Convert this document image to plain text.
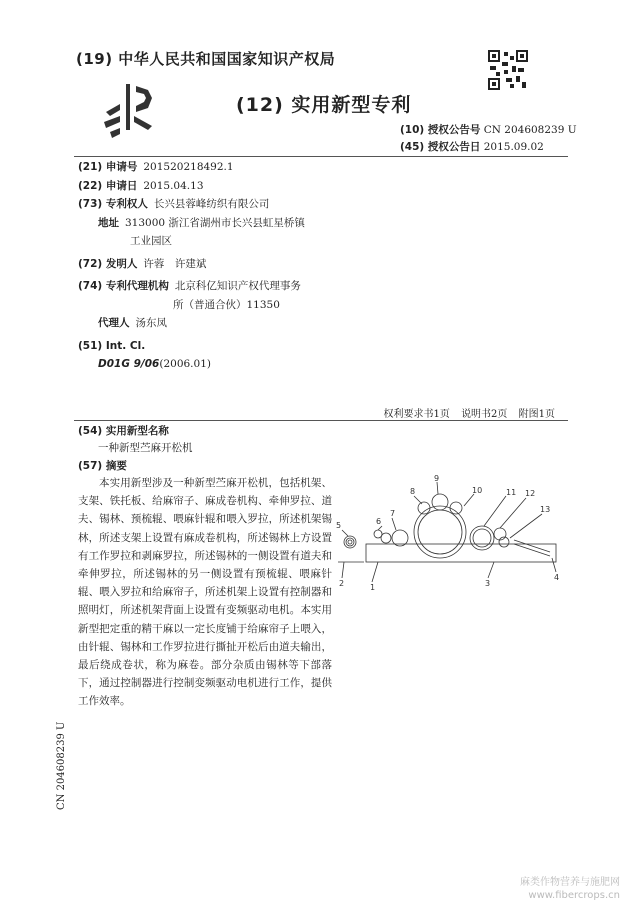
(19) 中华人民共和国国家知识产权局
(12) 实用新型专利
(10) 授权公告号 CN 204608239 U
(45) 授权公告日 2015.09.02
(21) 申请号 201520218492.1
(22) 申请日 2015.04.13
(73) 专利权人 长兴县蓉峰纺织有限公司
地址 313000 浙江省湖州市长兴县虹星桥镇
工业园区
(72) 发明人 许蓉　许建斌
(74) 专利代理机构 北京科亿知识产权代理事务
所（普通合伙）11350
代理人 汤东凤
(51) Int. Cl.
D01G 9/06 (2006.01)
权利要求书1页 说明书2页 附图1页
(54) 实用新型名称
一种新型苎麻开松机
(57) 摘要
本实用新型涉及一种新型苎麻开松机，包括机架、支架、铁托板、给麻帘子、麻成卷机构、牵伸罗拉、道夫、锡林、预梳辊、喂麻针辊和喂入罗拉，所述机架锡林，所述支架上设置有麻成卷机构，所述锡林上方设置有工作罗拉和剥麻罗拉，所述锡林的一侧设置有道夫和牵伸罗拉，所述锡林的另一侧设置有预梳辊、喂麻针辊、喂入罗拉和给麻帘子，所述机架上设置有控制器和照明灯，所述机架背面上设置有变频驱动电机。本实用新型把定重的精干麻以一定长度铺于给麻帘子上喂入，由针辊、锡林和工作罗拉进行撕扯开松后由道夫输出，最后绕成卷状，称为麻卷。部分杂质由锡林等下部落下，通过控制器进行控制变频驱动电机进行工作，提供工作效率。
5	6
7
8
9
10	11 12
13
3
1
2
4
CN 204608239 U
麻类作物营养与施肥网
www.fibercrops.cn
